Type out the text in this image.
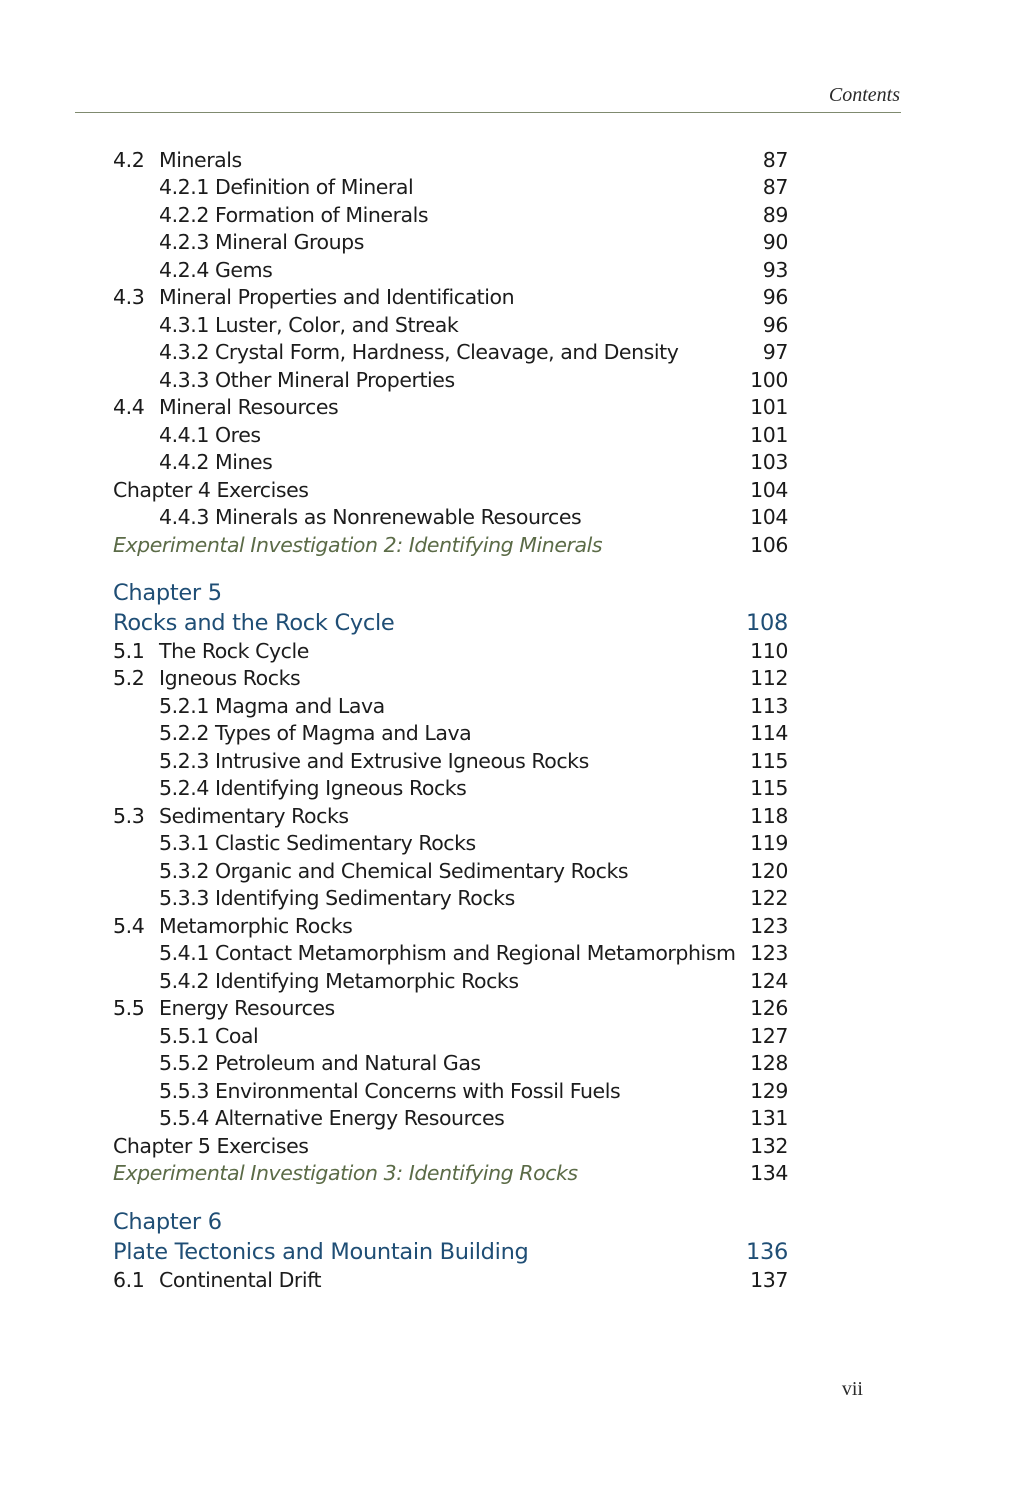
Contents
4.2 Minerals	87
4.2.1 Definition of Mineral	87
4.2.2 Formation of Minerals	89
4.2.3 Mineral Groups	90
4.2.4 Gems	93
4.3 Mineral Properties and Identification	96
4.3.1 Luster, Color, and Streak	96
4.3.2 Crystal Form, Hardness, Cleavage, and Density	97
4.3.3 Other Mineral Properties	100
4.4 Mineral Resources	101
4.4.1 Ores	101
4.4.2 Mines	103
Chapter 4 Exercises	104
4.4.3 Minerals as Nonrenewable Resources	104
Experimental Investigation 2: Identifying Minerals	106
Chapter 5
Rocks and the Rock Cycle	108
5.1 The Rock Cycle	110
5.2 Igneous Rocks	112
5.2.1 Magma and Lava	113
5.2.2 Types of Magma and Lava	114
5.2.3 Intrusive and Extrusive Igneous Rocks	115
5.2.4 Identifying Igneous Rocks	115
5.3 Sedimentary Rocks	118
5.3.1 Clastic Sedimentary Rocks	119
5.3.2 Organic and Chemical Sedimentary Rocks	120
5.3.3 Identifying Sedimentary Rocks	122
5.4 Metamorphic Rocks	123
5.4.1 Contact Metamorphism and Regional Metamorphism 123
5.4.2 Identifying Metamorphic Rocks	124
5.5 Energy Resources	126
5.5.1 Coal	127
5.5.2 Petroleum and Natural Gas	128
5.5.3 Environmental Concerns with Fossil Fuels	129
5.5.4 Alternative Energy Resources	131
Chapter 5 Exercises	132
Experimental Investigation 3: Identifying Rocks	134
Chapter 6
Plate Tectonics and Mountain Building	136
6.1 Continental Drift	137
vii
